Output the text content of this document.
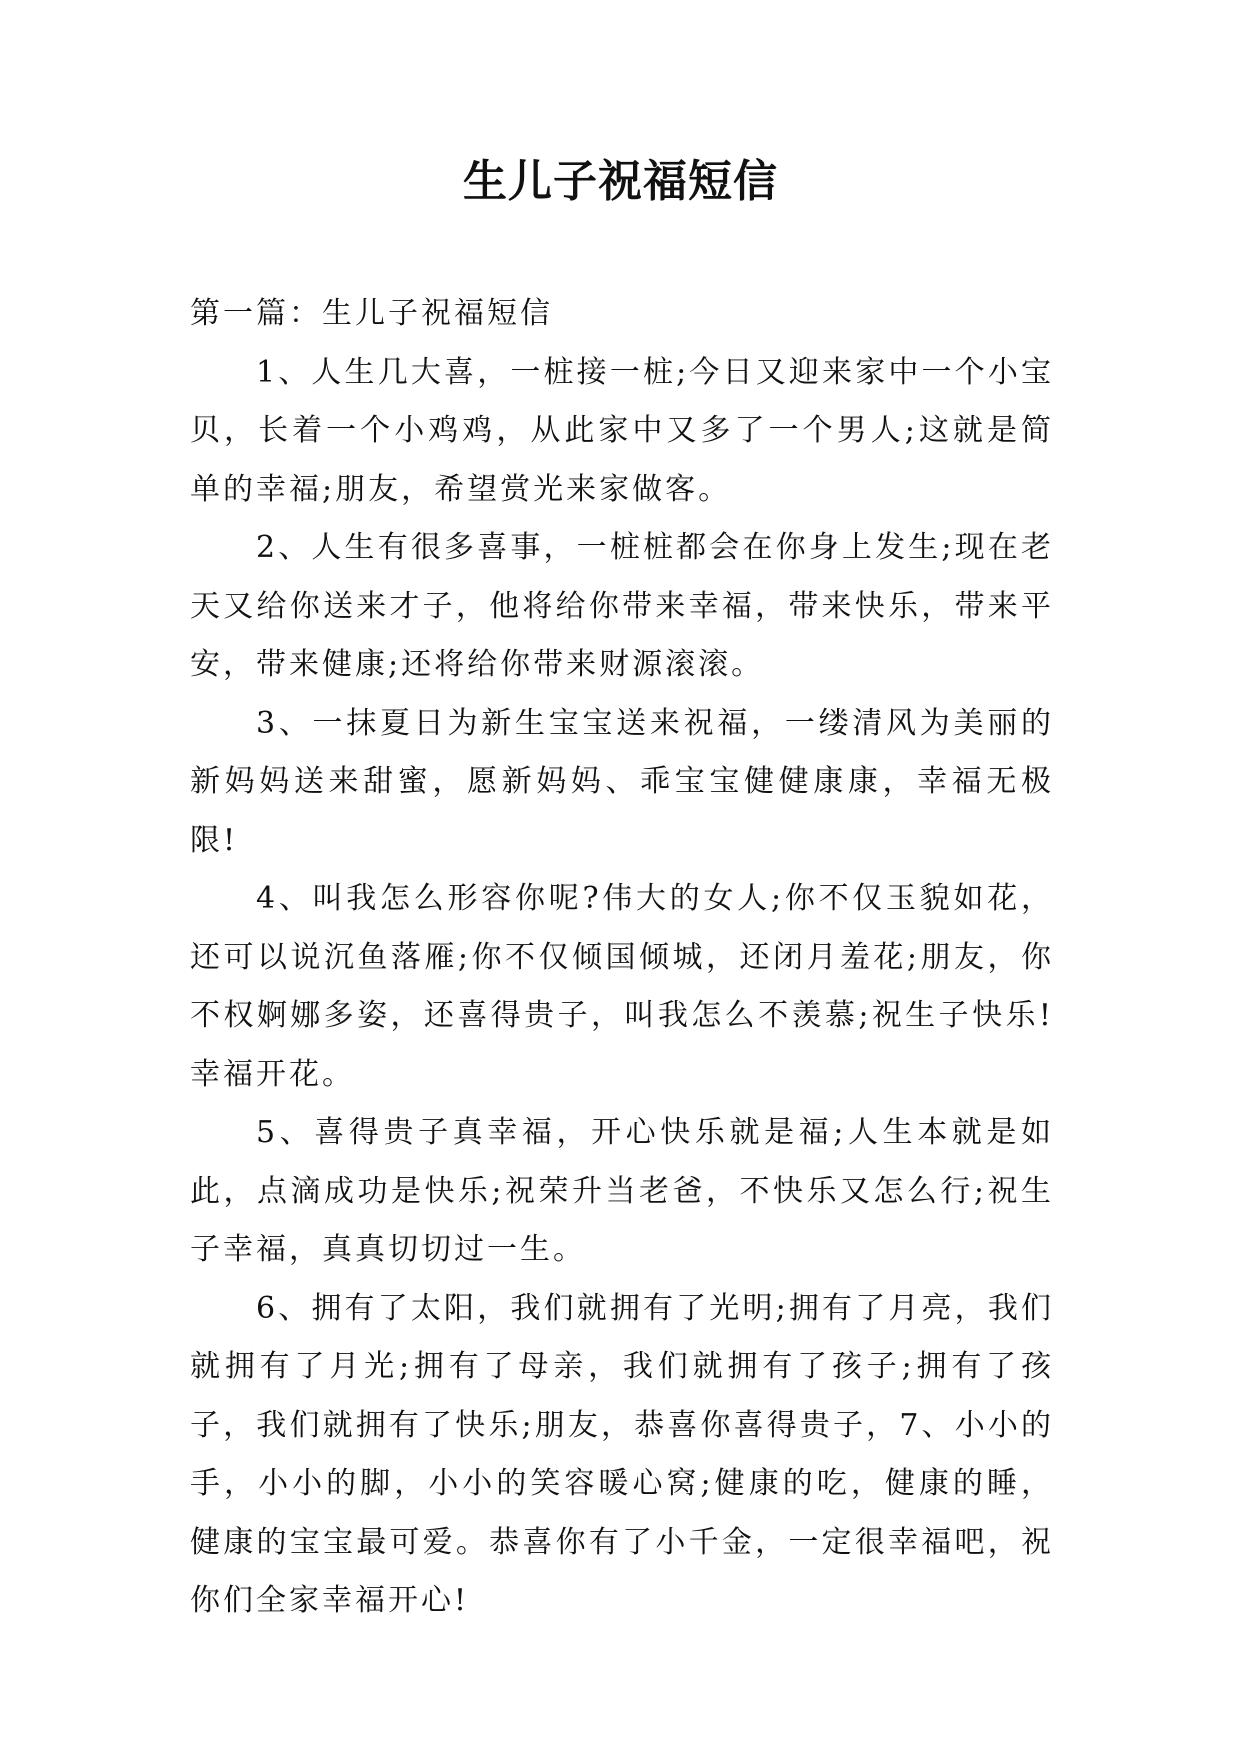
生儿子祝福短信
第一篇：生儿子祝福短信

1、人生几大喜，一桩接一桩;今日又迎来家中一个小宝贝，长着一个小鸡鸡，从此家中又多了一个男人;这就是简单的幸福;朋友，希望赏光来家做客。

2、人生有很多喜事，一桩桩都会在你身上发生;现在老天又给你送来才子，他将给你带来幸福，带来快乐，带来平安，带来健康;还将给你带来财源滚滚。

3、一抹夏日为新生宝宝送来祝福，一缕清风为美丽的新妈妈送来甜蜜，愿新妈妈、乖宝宝健健康康，幸福无极限!

4、叫我怎么形容你呢?伟大的女人;你不仅玉貌如花，还可以说沉鱼落雁;你不仅倾国倾城，还闭月羞花;朋友，你不权婀娜多姿，还喜得贵子，叫我怎么不羡慕;祝生子快乐!幸福开花。

5、喜得贵子真幸福，开心快乐就是福;人生本就是如此，点滴成功是快乐;祝荣升当老爸，不快乐又怎么行;祝生子幸福，真真切切过一生。

6、拥有了太阳，我们就拥有了光明;拥有了月亮，我们就拥有了月光;拥有了母亲，我们就拥有了孩子;拥有了孩子，我们就拥有了快乐;朋友，恭喜你喜得贵子，7、小小的手，小小的脚，小小的笑容暖心窝;健康的吃，健康的睡，健康的宝宝最可爱。恭喜你有了小千金，一定很幸福吧，祝你们全家幸福开心!
